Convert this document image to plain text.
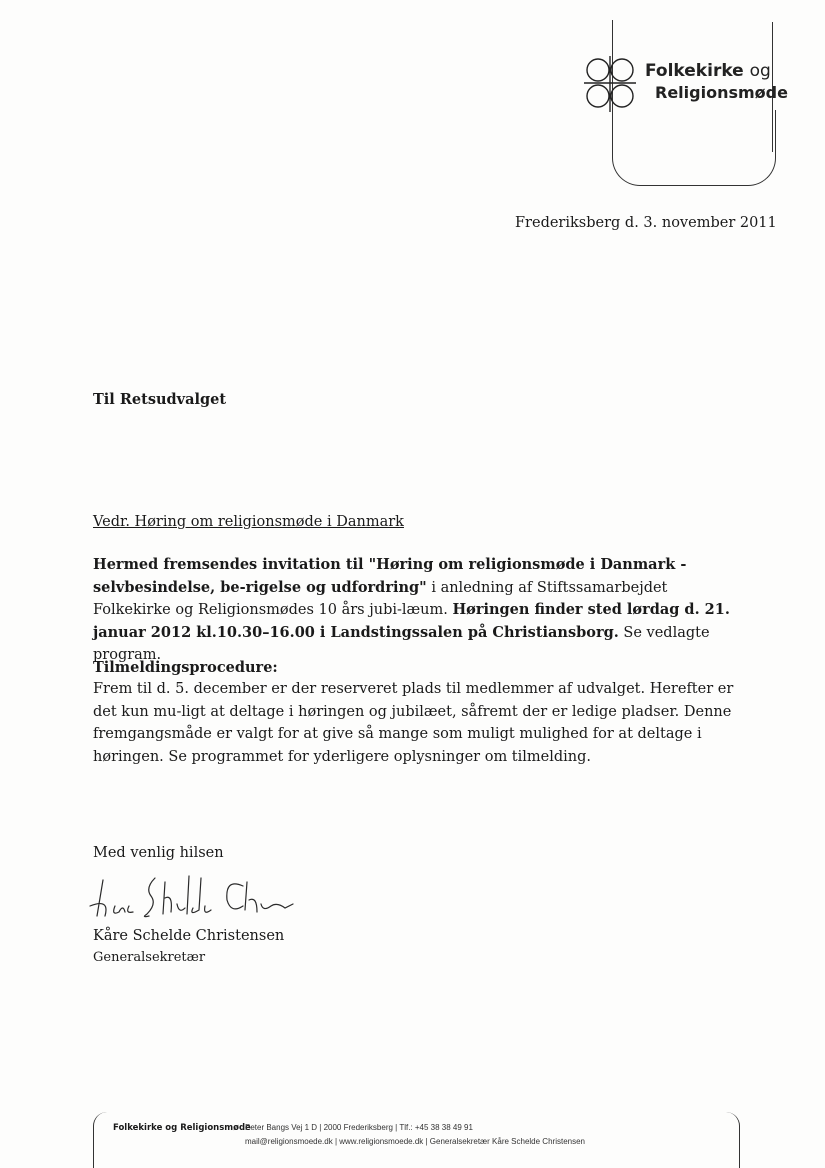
Folkekirke og
Religionsmøde
Frederiksberg d. 3. november 2011
Til Retsudvalget
Vedr. Høring om religionsmøde i Danmark
Hermed fremsendes invitation til "Høring om religionsmøde i Danmark - selvbesindelse, be-rigelse og udfordring" i anledning af Stiftssamarbejdet Folkekirke og Religionsmødes 10 års jubi-læum. Høringen finder sted lørdag d. 21. januar 2012 kl.10.30–16.00 i Landstingssalen på Christiansborg. Se vedlagte program.
Tilmeldingsprocedure:
Frem til d. 5. december er der reserveret plads til medlemmer af udvalget. Herefter er det kun mu-ligt at deltage i høringen og jubilæet, såfremt der er ledige pladser. Denne fremgangsmåde er valgt for at give så mange som muligt mulighed for at deltage i høringen. Se programmet for yderligere oplysninger om tilmelding.
Med venlig hilsen
Kåre Schelde Christensen
Generalsekretær
Folkekirke og Religionsmøde
Peter Bangs Vej 1 D | 2000 Frederiksberg | Tlf.: +45 38 38 49 91
mail@religionsmoede.dk | www.religionsmoede.dk | Generalsekretær Kåre Schelde Christensen
